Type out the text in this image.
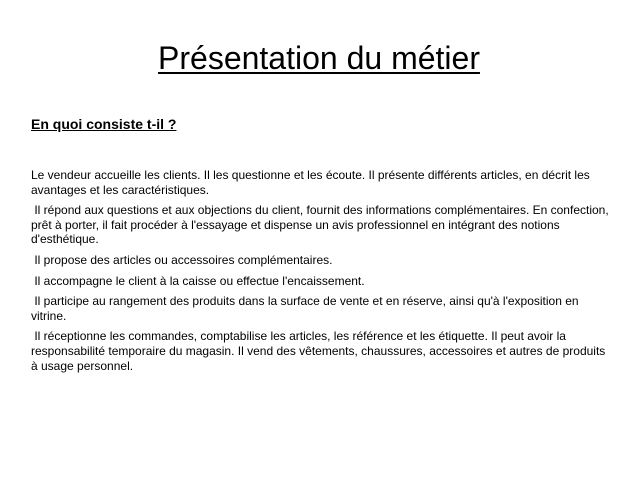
Présentation du métier
En quoi consiste t-il ?

Le vendeur accueille les clients. Il les questionne et les écoute. Il présente différents articles, en décrit les avantages et les caractéristiques.

Il répond aux questions et aux objections du client, fournit des informations complémentaires. En confection, prêt à porter, il fait procéder à l'essayage et dispense un avis professionnel en intégrant des notions d'esthétique.

Il propose des articles ou accessoires complémentaires.

Il accompagne le client à la caisse ou effectue l'encaissement.

Il participe au rangement des produits dans la surface de vente et en réserve, ainsi qu'à l'exposition en vitrine.

Il réceptionne les commandes, comptabilise les articles, les référence et les étiquette. Il peut avoir la responsabilité temporaire du magasin. Il vend des vêtements, chaussures, accessoires et autres de produits à usage personnel.
